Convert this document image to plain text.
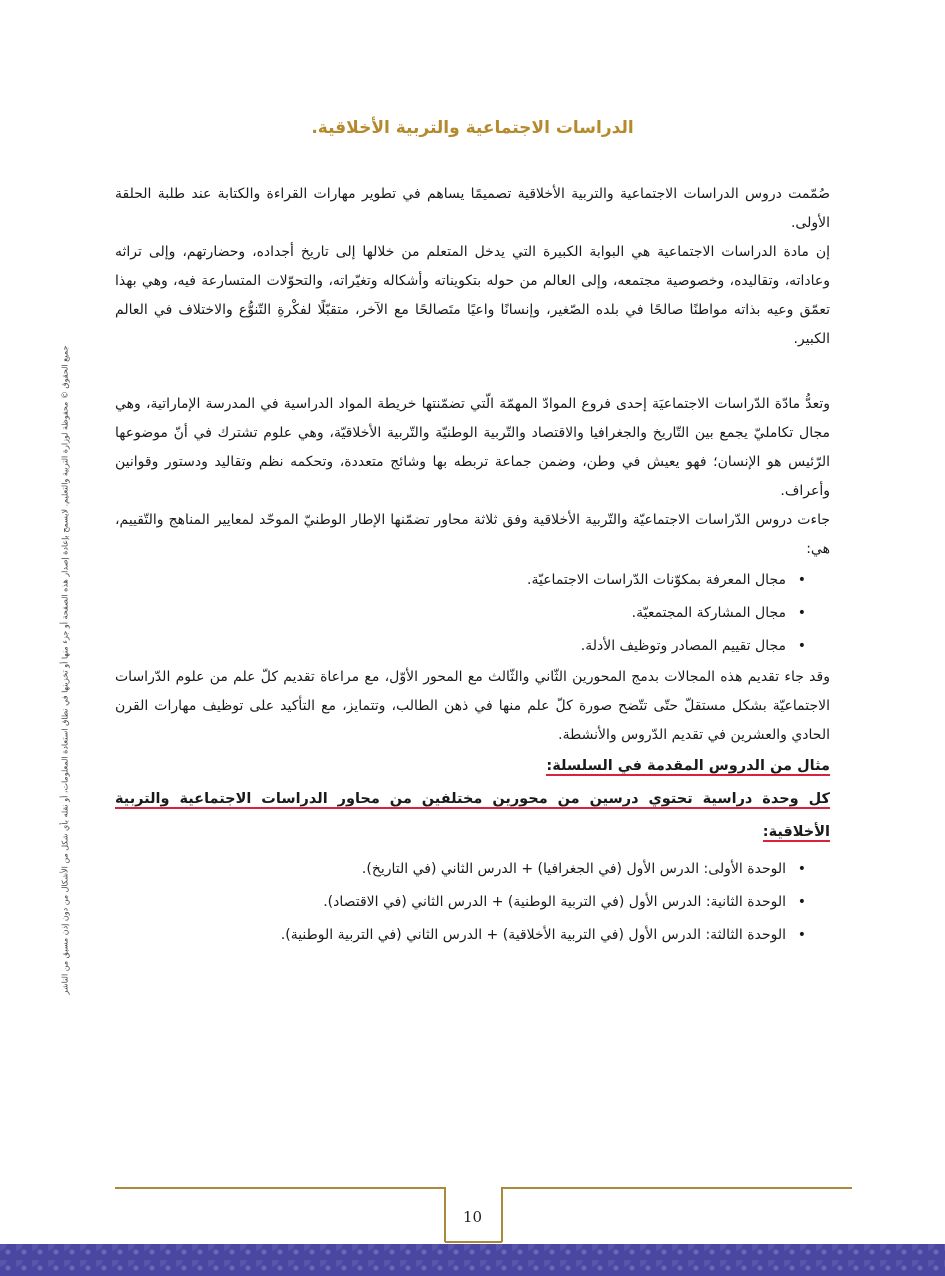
الدراسات الاجتماعية والتربية الأخلاقية.
جميع الحقوق © محفوظة لوزارة التربية والتعليم. لايسمح بإعادة إصدار هذه الصفحة أو جزء منها أو تخزينها في نطاق استعادة المعلومات، أو نقله بأي شكل من الأشكال من دون إذن مسبق من الناشر

صُمّمت دروس الدراسات الاجتماعية والتربية الأخلاقية تصميمًا يساهم في تطوير مهارات القراءة والكتابة عند طلبة الحلقة الأولى.

إن مادة الدراسات الاجتماعية هي البوابة الكبيرة التي يدخل المتعلم من خلالها إلى تاريخ أجداده، وحضارتهم، وإلى تراثه وعاداته، وتقاليده، وخصوصية مجتمعه، وإلى العالم من حوله بتكويناته وأشكاله وتغيّراته، والتحوّلات المتسارعة فيه، وهي بهذا تعمّق وعيه بذاته مواطنًا صالحًا في بلده الصّغير، وإنسانًا واعيًا متَصالحًا مع الآخر، متقبّلًا لفكْرةِ التّنوُّع والاختلاف في العالم الكبير.

وتعدُّ مادّة الدّراسات الاجتماعيَة إحدى فروع الموادّ المهمّة الّتي تضمّنتها خريطة المواد الدراسية في المدرسة الإماراتية، وهي مجال تكامليّ يجمع بين التّاريخ والجغرافيا والاقتصاد والتّربية الوطنيّة والتّربية الأخلاقيّة، وهي علوم تشترك في أنّ موضوعها الرّئيس هو الإنسان؛ فهو يعيش في وطن، وضمن جماعة تربطه بها وشائج متعددة، وتحكمه نظم وتقاليد ودستور وقوانين وأعراف.

جاءت دروس الدّراسات الاجتماعيّة والتّربية الأخلاقية وفق ثلاثة محاور تضمّنها الإطار الوطنيّ الموحّد لمعايير المناهج والتّقييم، هي:

• مجال المعرفة بمكوّنات الدّراسات الاجتماعيّة.
• مجال المشاركة المجتمعيّة.
• مجال تقييم المصادر وتوظيف الأدلة.

وقد جاء تقديم هذه المجالات بدمج المحورين الثّاني والثّالث مع المحور الأوّل، مع مراعاة تقديم كلّ علم من علوم الدّراسات الاجتماعيّة بشكل مستقلّ حتّى تتّضح صورة كلّ علم منها في ذهن الطالب، وتتمايز، مع التأكيد على توظيف مهارات القرن الحادي والعشرين في تقديم الدّروس والأنشطة.

مثال من الدروس المقدمة في السلسلة:

كل وحدة دراسية تحتوي درسين من محورين مختلفين من محاور الدراسات الاجتماعية والتربية الأخلاقية:

• الوحدة الأولى: الدرس الأول (في الجغرافيا) + الدرس الثاني (في التاريخ).
• الوحدة الثانية: الدرس الأول (في التربية الوطنية) + الدرس الثاني (في الاقتصاد).
• الوحدة الثالثة: الدرس الأول (في التربية الأخلاقية) + الدرس الثاني (في التربية الوطنية).
10
